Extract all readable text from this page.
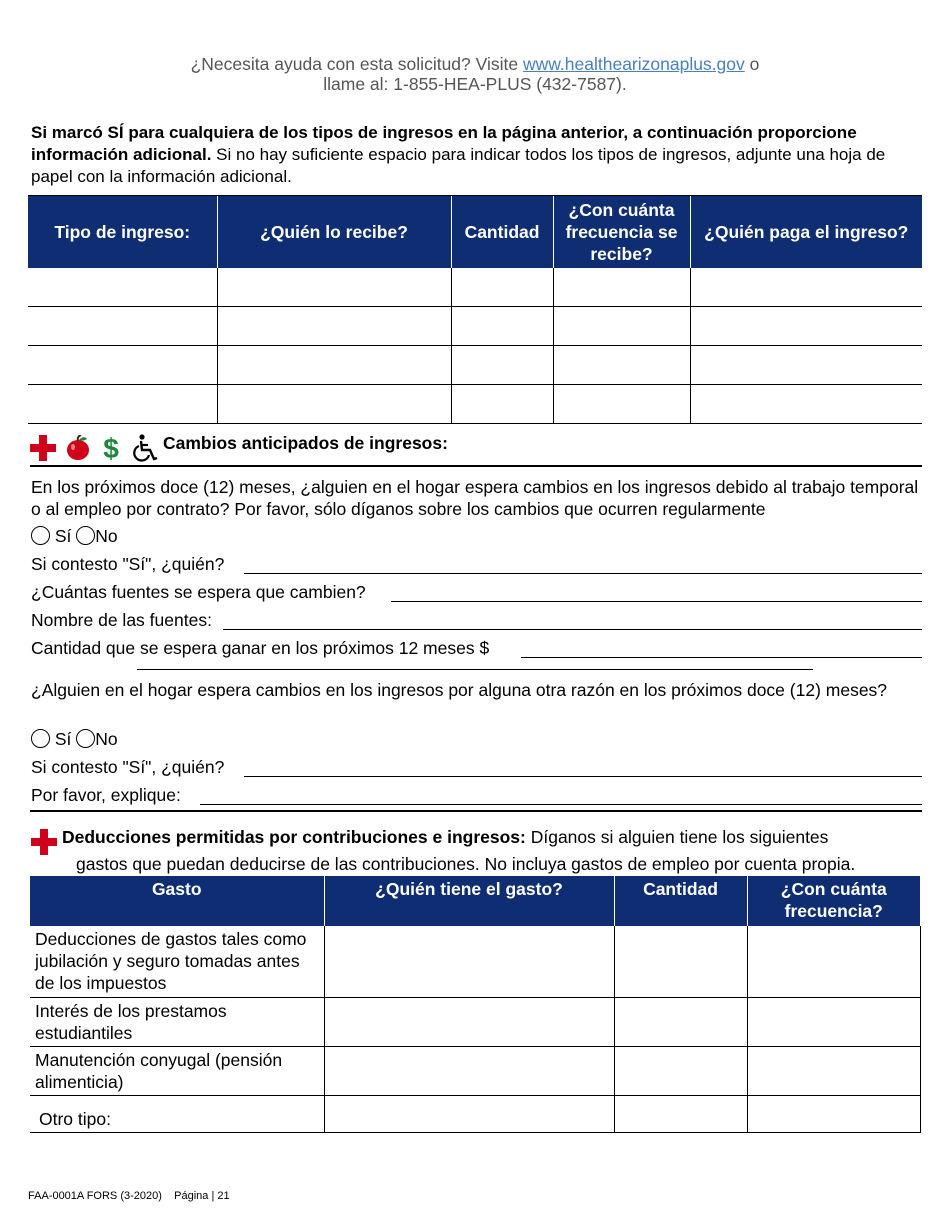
¿Necesita ayuda con esta solicitud? Visite www.healthearizonaplus.gov o
llame al: 1-855-HEA-PLUS (432-7587).
Si marcó SÍ para cualquiera de los tipos de ingresos en la página anterior, a continuación proporcione información adicional. Si no hay suficiente espacio para indicar todos los tipos de ingresos, adjunte una hoja de papel con la información adicional.
Tipo de ingreso:	¿Quién lo recibe?	Cantidad	¿Con cuánta frecuencia se recibe?	¿Quién paga el ingreso?

$	Cambios anticipados de ingresos:
En los próximos doce (12) meses, ¿alguien en el hogar espera cambios en los ingresos debido al trabajo temporal o al empleo por contrato? Por favor, sólo díganos sobre los cambios que ocurren regularmente
Sí No
Si contesto "Sí", ¿quién?
¿Cuántas fuentes se espera que cambien?
Nombre de las fuentes:
Cantidad que se espera ganar en los próximos 12 meses $
¿Alguien en el hogar espera cambios en los ingresos por alguna otra razón en los próximos doce (12) meses?
Sí No
Si contesto "Sí", ¿quién?
Por favor, explique:
Deducciones permitidas por contribuciones e ingresos: Díganos si alguien tiene los siguientes
gastos que puedan deducirse de las contribuciones. No incluya gastos de empleo por cuenta propia.
Gasto	¿Quién tiene el gasto?	Cantidad	¿Con cuánta frecuencia?
Deducciones de gastos tales como jubilación y seguro tomadas antes de los impuestos			
Interés de los prestamos estudiantiles			
Manutención conyugal (pensión alimenticia)			
Otro tipo:			
FAA-0001A FORS (3-2020) Página | 21
